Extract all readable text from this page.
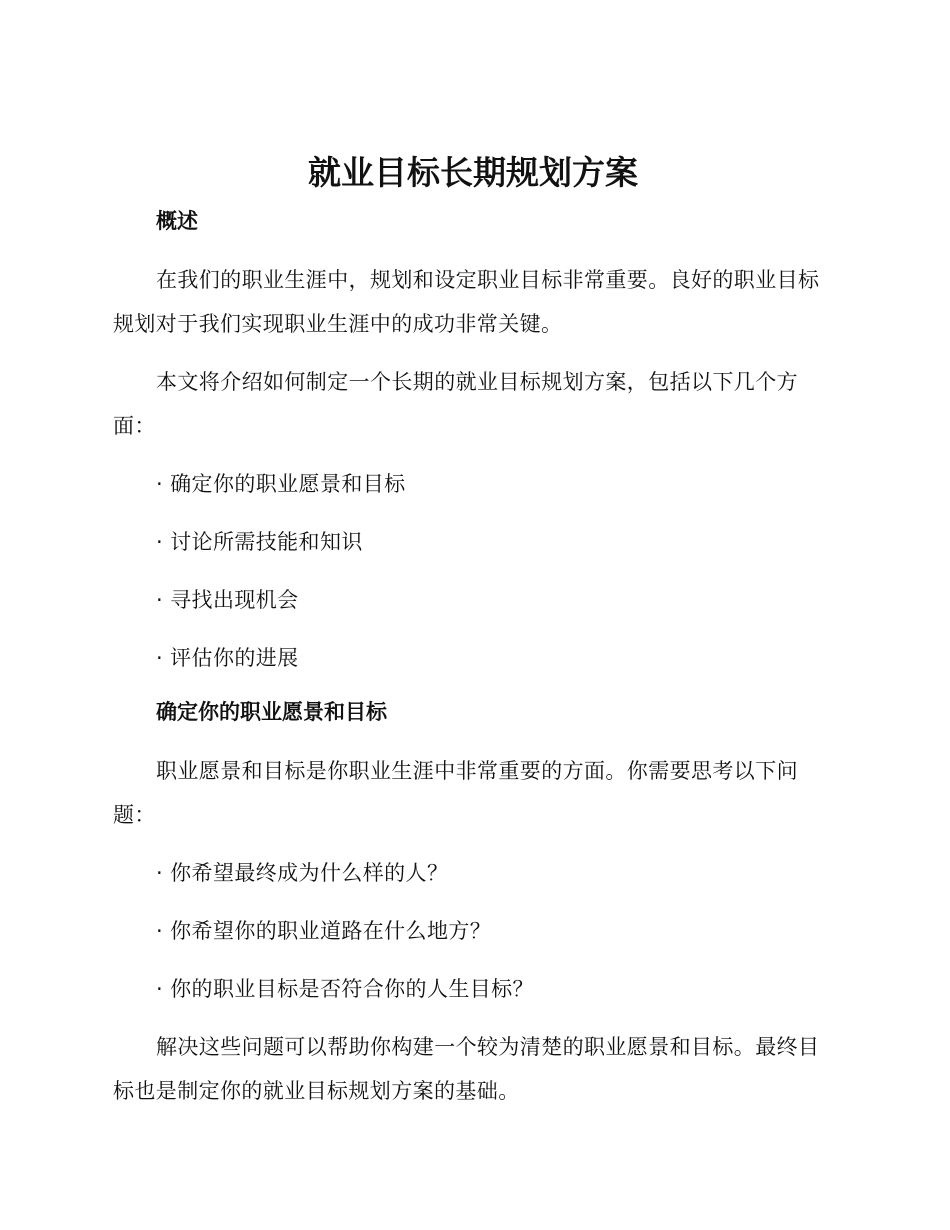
就业目标长期规划方案
概述
在我们的职业生涯中，规划和设定职业目标非常重要。良好的职业目标规划对于我们实现职业生涯中的成功非常关键。
本文将介绍如何制定一个长期的就业目标规划方案，包括以下几个方面：
· 确定你的职业愿景和目标
· 讨论所需技能和知识
· 寻找出现机会
· 评估你的进展
确定你的职业愿景和目标
职业愿景和目标是你职业生涯中非常重要的方面。你需要思考以下问题：
· 你希望最终成为什么样的人？
· 你希望你的职业道路在什么地方？
· 你的职业目标是否符合你的人生目标？
解决这些问题可以帮助你构建一个较为清楚的职业愿景和目标。最终目标也是制定你的就业目标规划方案的基础。
